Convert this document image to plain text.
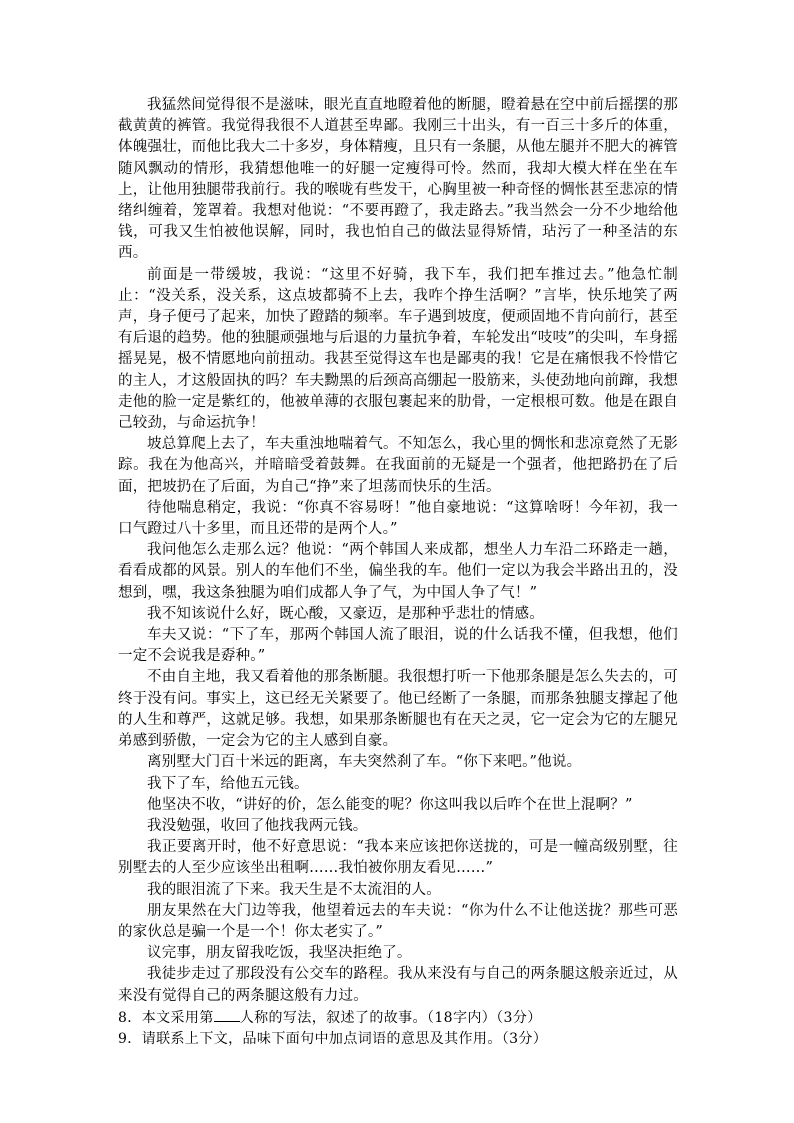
我猛然间觉得很不是滋味，眼光直直地瞪着他的断腿，瞪着悬在空中前后摇摆的那截黄黄的裤管。我觉得我很不人道甚至卑鄙。我刚三十出头，有一百三十多斤的体重，体魄强壮，而他比我大二十多岁，身体精瘦，且只有一条腿，从他左腿并不肥大的裤管随风飘动的情形，我猜想他唯一的好腿一定瘦得可怜。然而，我却大模大样在坐在车上，让他用独腿带我前行。我的喉咙有些发干，心胸里被一种奇怪的惆怅甚至悲凉的情绪纠缠着，笼罩着。我想对他说：“不要再蹬了，我走路去。”我当然会一分不少地给他钱，可我又生怕被他误解，同时，我也怕自己的做法显得矫情，玷污了一种圣洁的东西。

前面是一带缓坡，我说：“这里不好骑，我下车，我们把车推过去。”他急忙制止：“没关系，没关系，这点坡都骑不上去，我咋个挣生活啊？”言毕，快乐地笑了两声，身子便弓了起来，加快了蹬踏的频率。车子遇到坡度，便顽固地不肯向前行，甚至有后退的趋势。他的独腿顽强地与后退的力量抗争着，车轮发出“吱吱”的尖叫，车身摇摇晃晃，极不情愿地向前扭动。我甚至觉得这车也是鄙夷的我！它是在痛恨我不怜惜它的主人，才这般固执的吗？车夫黝黑的后颈高高绷起一股筋来，头使劲地向前蹿，我想走他的脸一定是紫红的，他被单薄的衣服包裹起来的肋骨，一定根根可数。他是在跟自己较劲，与命运抗争！

坡总算爬上去了，车夫重浊地喘着气。不知怎么，我心里的惆怅和悲凉竟然了无影踪。我在为他高兴，并暗暗受着鼓舞。在我面前的无疑是一个强者，他把路扔在了后面，把坡扔在了后面，为自己“挣”来了坦荡而快乐的生活。

待他喘息稍定，我说：“你真不容易呀！”他自豪地说：“这算啥呀！今年初，我一口气蹬过八十多里，而且还带的是两个人。”

我问他怎么走那么远？他说：“两个韩国人来成都，想坐人力车沿二环路走一趟，看看成都的风景。别人的车他们不坐，偏坐我的车。他们一定以为我会半路出丑的，没想到，嘿，我这条独腿为咱们成都人争了气，为中国人争了气！”

我不知该说什么好，既心酸，又豪迈，是那种乎悲壮的情感。

车夫又说：“下了车，那两个韩国人流了眼泪，说的什么话我不懂，但我想，他们一定不会说我是孬种。”

不由自主地，我又看着他的那条断腿。我很想打听一下他那条腿是怎么失去的，可终于没有问。事实上，这已经无关紧要了。他已经断了一条腿，而那条独腿支撑起了他的人生和尊严，这就足够。我想，如果那条断腿也有在天之灵，它一定会为它的左腿兄弟感到骄傲，一定会为它的主人感到自豪。

离别墅大门百十米远的距离，车夫突然刹了车。“你下来吧。”他说。

我下了车，给他五元钱。

他坚决不收，“讲好的价，怎么能变的呢？你这叫我以后咋个在世上混啊？”

我没勉强，收回了他找我两元钱。

我正要离开时，他不好意思说：“我本来应该把你送拢的，可是一幢高级别墅，往别墅去的人至少应该坐出租啊……我怕被你朋友看见……”

我的眼泪流了下来。我天生是不太流泪的人。

朋友果然在大门边等我，他望着远去的车夫说：“你为什么不让他送拢？那些可恶的家伙总是骗一个是一个！你太老实了。”

议完事，朋友留我吃饭，我坚决拒绝了。

我徒步走过了那段没有公交车的路程。我从来没有与自己的两条腿这般亲近过，从来没有觉得自己的两条腿这般有力过。

8．本文采用第 人称的写法，叙述了的故事。（18字内）（3分）

9．请联系上下文，品味下面句中加点词语的意思及其作用。（3分）
